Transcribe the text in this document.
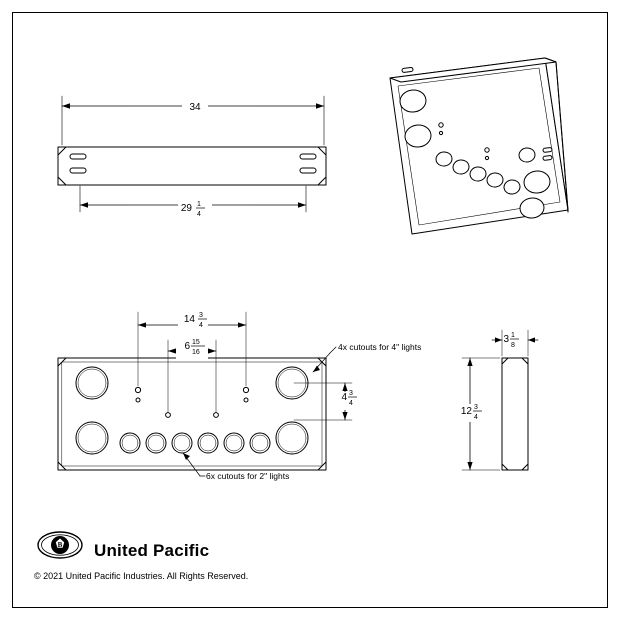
34
29 1
4
14 3
4
6 15
16
4 3
4
3 1
8
12 3
4
4x cutouts for 4" lights
6x cutouts for 2" lights
B United Pacific
© 2021 United Pacific Industries. All Rights Reserved.
